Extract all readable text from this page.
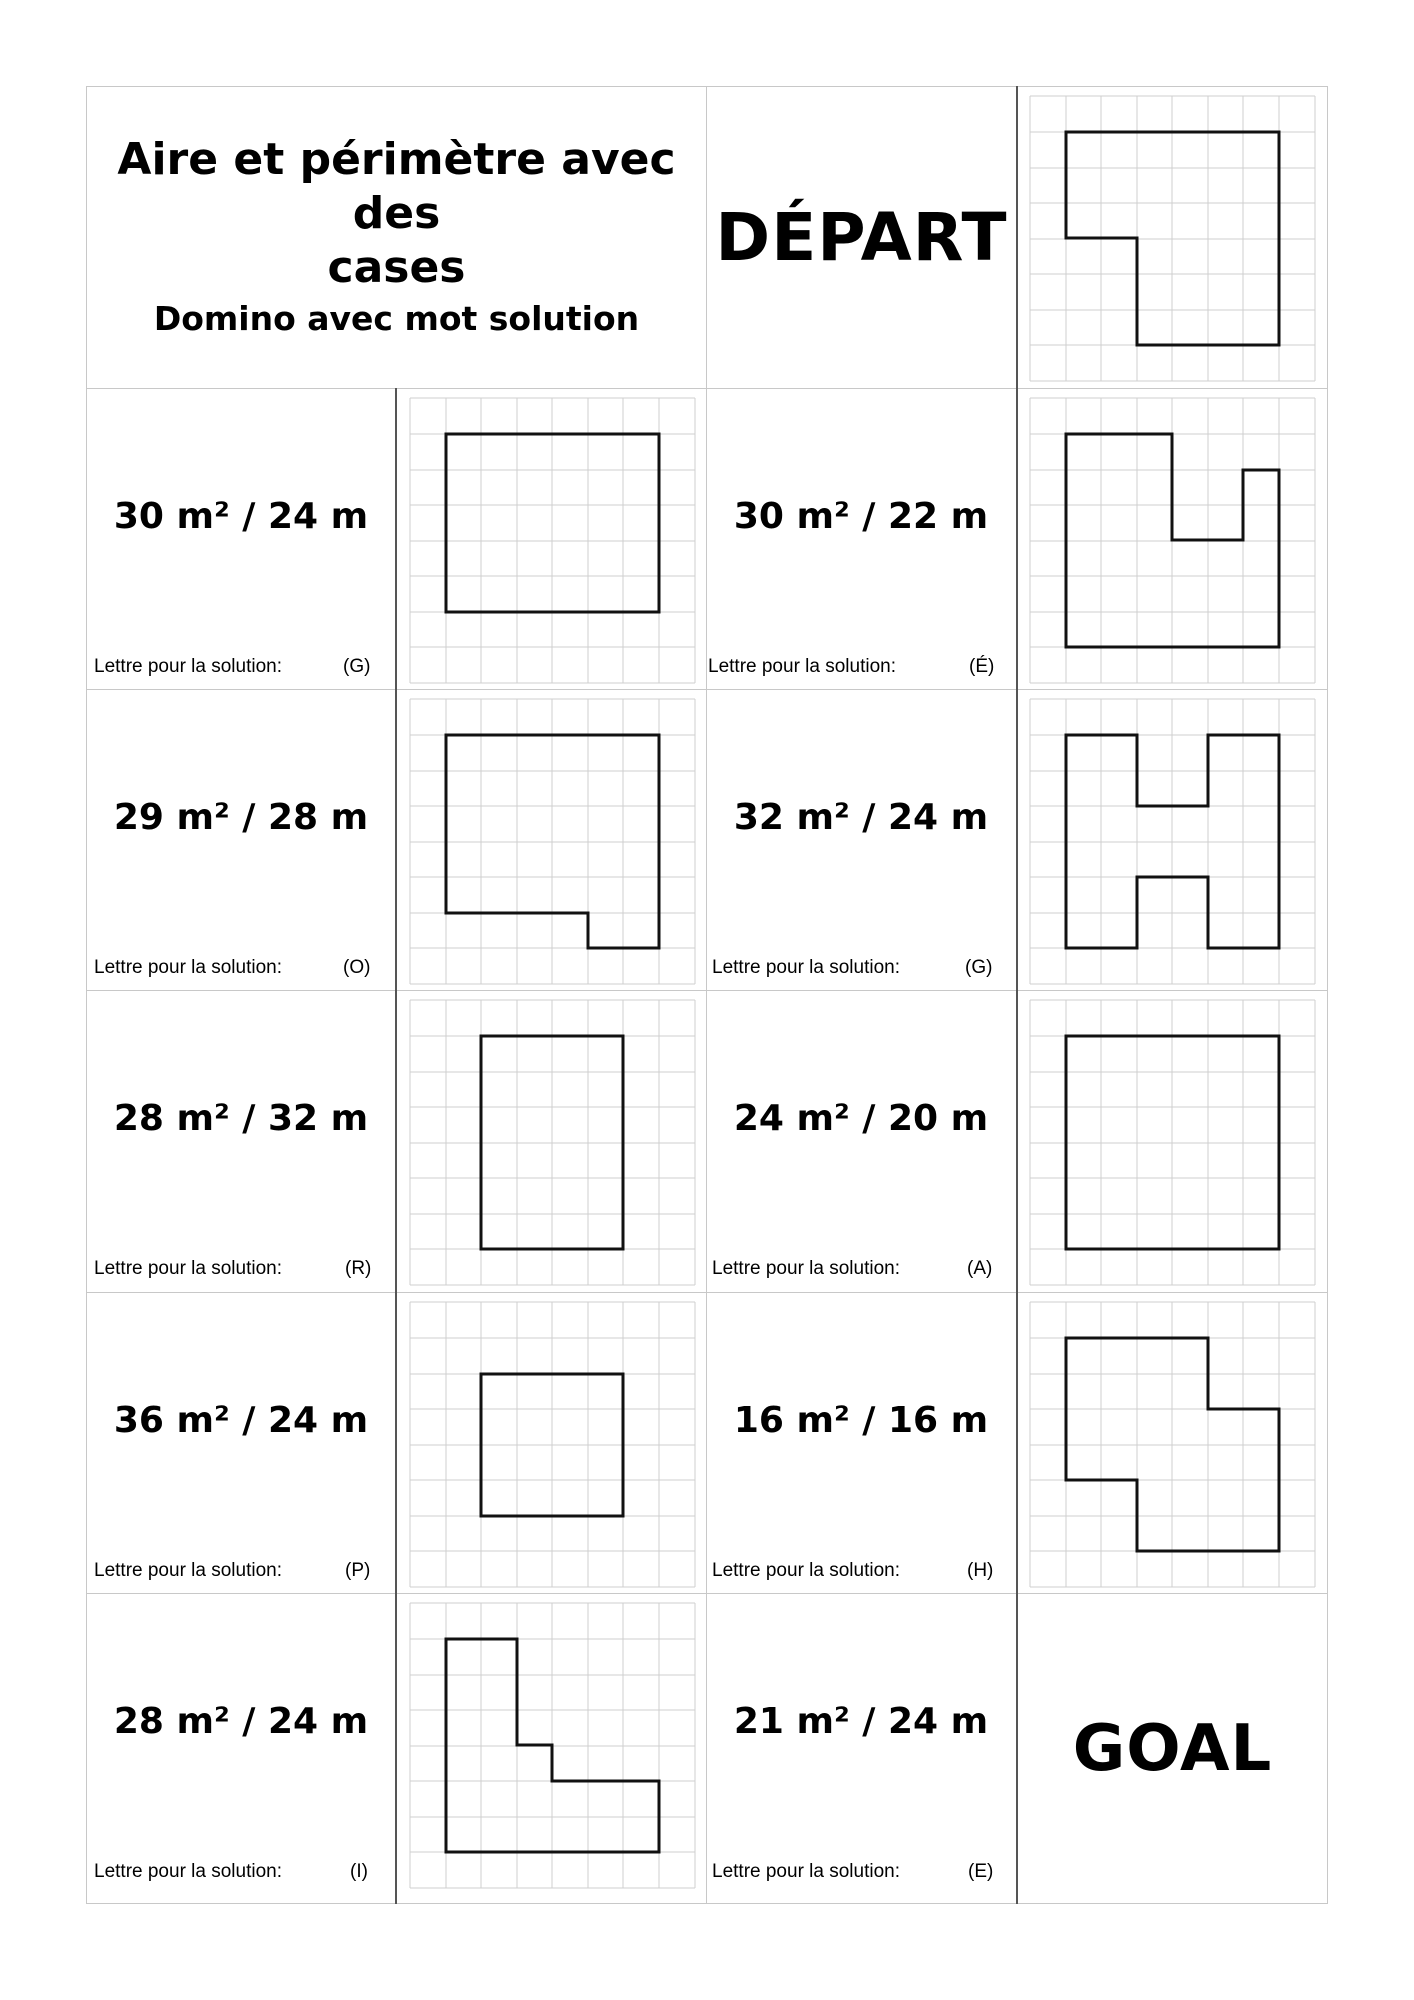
Aire et périmètre avec des
cases
Domino avec mot solution
DÉPART
GOAL
30 m² / 24 m
Lettre pour la solution:	(G)
29 m² / 28 m
Lettre pour la solution:	(O)
28 m² / 32 m
Lettre pour la solution:	(R)
36 m² / 24 m
Lettre pour la solution:	(P)
28 m² / 24 m
Lettre pour la solution:	(I)
30 m² / 22 m
Lettre pour la solution:	(É)
32 m² / 24 m
Lettre pour la solution:	(G)
24 m² / 20 m
Lettre pour la solution:	(A)
16 m² / 16 m
Lettre pour la solution:	(H)
21 m² / 24 m
Lettre pour la solution:	(E)
